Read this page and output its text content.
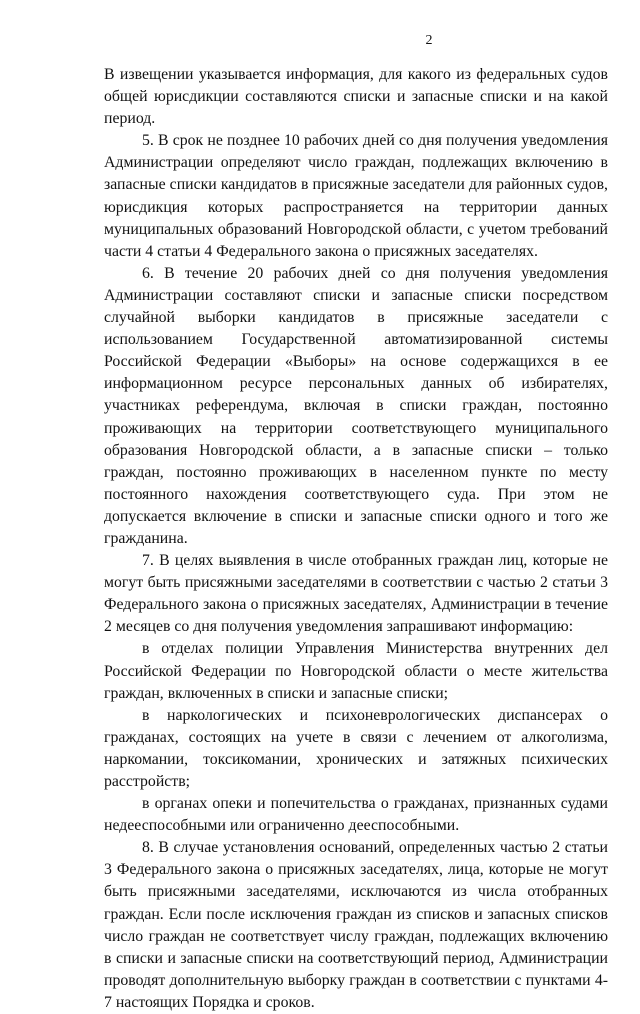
2

В извещении указывается информация, для какого из федеральных судов общей юрисдикции составляются списки и запасные списки и на какой период.

5. В срок не позднее 10 рабочих дней со дня получения уведомления Администрации определяют число граждан, подлежащих включению в запасные списки кандидатов в присяжные заседатели для районных судов, юрисдикция которых распространяется на территории данных муниципальных образований Новгородской области, с учетом требований части 4 статьи 4 Федерального закона о присяжных заседателях.

6. В течение 20 рабочих дней со дня получения уведомления Администрации составляют списки и запасные списки посредством случайной выборки кандидатов в присяжные заседатели с использованием Государственной автоматизированной системы Российской Федерации «Выборы» на основе содержащихся в ее информационном ресурсе персональных данных об избирателях, участниках референдума, включая в списки граждан, постоянно проживающих на территории соответствующего муниципального образования Новгородской области, а в запасные списки – только граждан, постоянно проживающих в населенном пункте по месту постоянного нахождения соответствующего суда. При этом не допускается включение в списки и запасные списки одного и того же гражданина.

7. В целях выявления в числе отобранных граждан лиц, которые не могут быть присяжными заседателями в соответствии с частью 2 статьи 3 Федерального закона о присяжных заседателях, Администрации в течение 2 месяцев со дня получения уведомления запрашивают информацию:

в отделах полиции Управления Министерства внутренних дел Российской Федерации по Новгородской области о месте жительства граждан, включенных в списки и запасные списки;

в наркологических и психоневрологических диспансерах о гражданах, состоящих на учете в связи с лечением от алкоголизма, наркомании, токсикомании, хронических и затяжных психических расстройств;

в органах опеки и попечительства о гражданах, признанных судами недееспособными или ограниченно дееспособными.

8. В случае установления оснований, определенных частью 2 статьи 3 Федерального закона о присяжных заседателях, лица, которые не могут быть присяжными заседателями, исключаются из числа отобранных граждан. Если после исключения граждан из списков и запасных списков число граждан не соответствует числу граждан, подлежащих включению в списки и запасные списки на соответствующий период, Администрации проводят дополнительную выборку граждан в соответствии с пунктами 4-7 настоящих Порядка и сроков.
